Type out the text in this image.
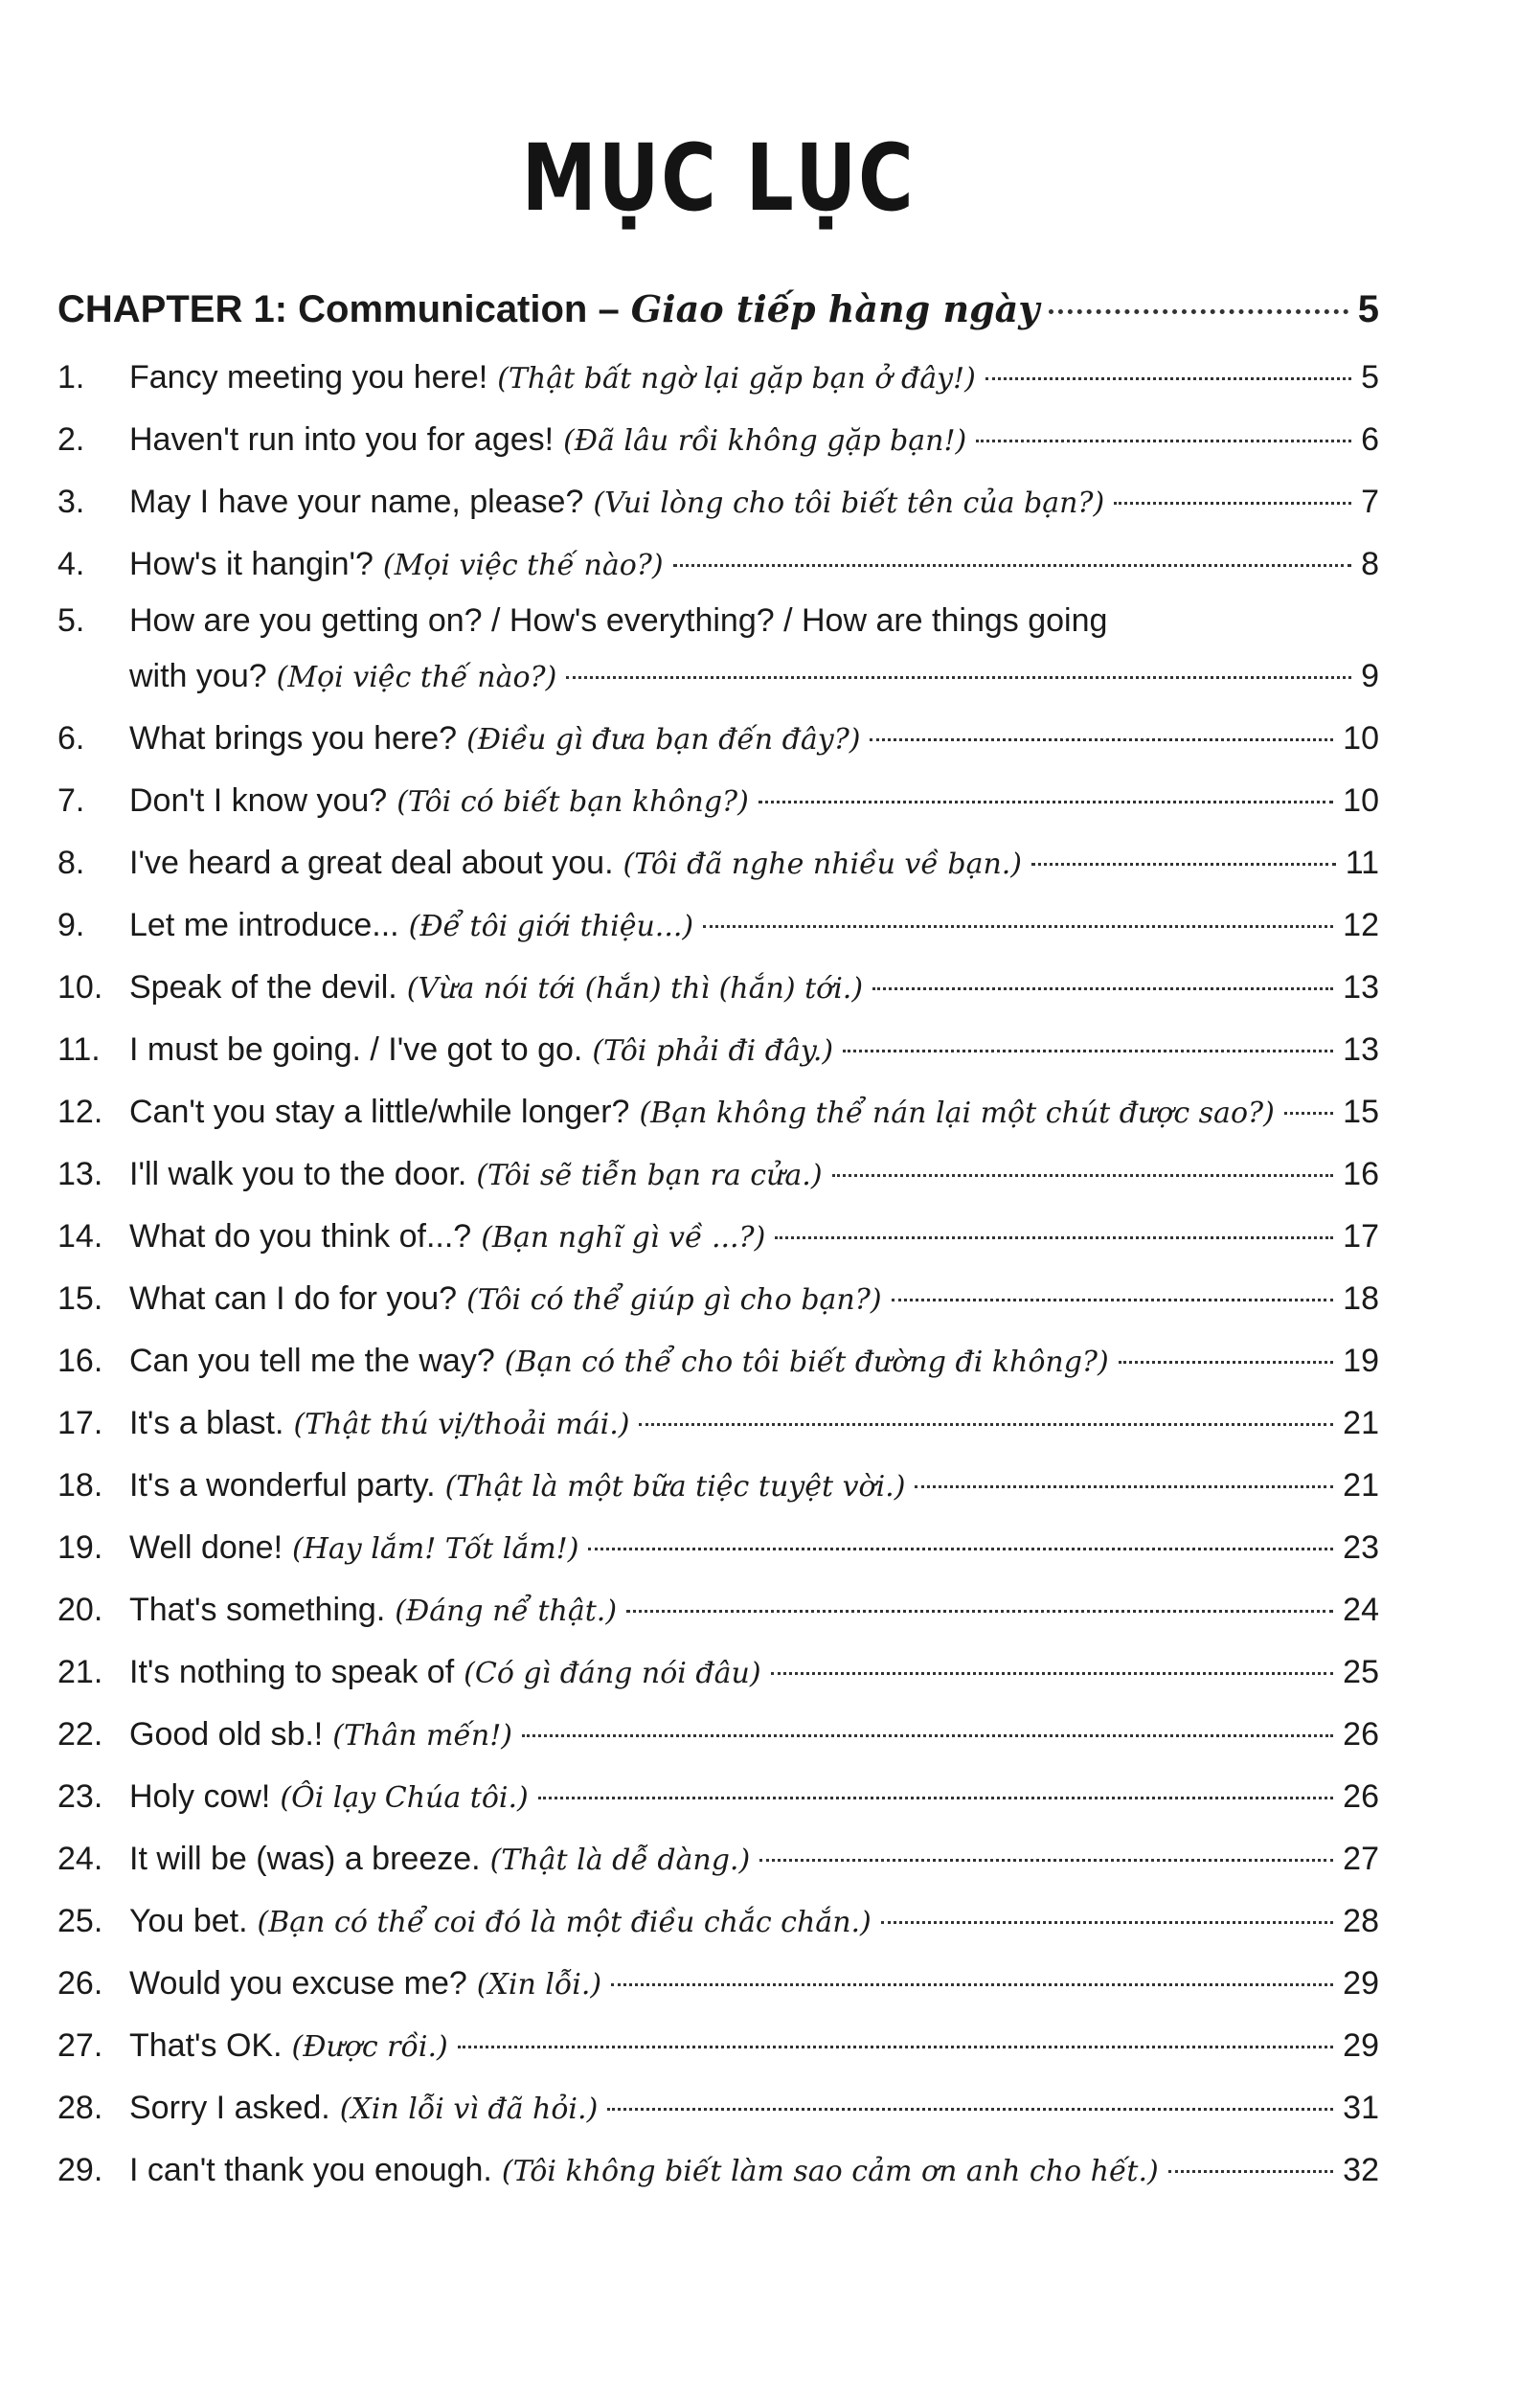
MỤC LỤC
CHAPTER 1: Communication – Giao tiếp hàng ngày	5
1.	Fancy meeting you here! (Thật bất ngờ lại gặp bạn ở đây!)	5
2.	Haven't run into you for ages! (Đã lâu rồi không gặp bạn!)	6
3.	May I have your name, please? (Vui lòng cho tôi biết tên của bạn?)	7
4.	How's it hangin'? (Mọi việc thế nào?)	8
5.	How are you getting on? / How's everything? / How are things going
with you? (Mọi việc thế nào?)	9
6.	What brings you here? (Điều gì đưa bạn đến đây?)	10
7.	Don't I know you? (Tôi có biết bạn không?)	10
8.	I've heard a great deal about you. (Tôi đã nghe nhiều về bạn.)	11
9.	Let me introduce... (Để tôi giới thiệu...)	12
10. Speak of the devil. (Vừa nói tới (hắn) thì (hắn) tới.)	13
11. I must be going. / I've got to go. (Tôi phải đi đây.)	13
12. Can't you stay a little/while longer? (Bạn không thể nán lại một chút được sao?) 15
13. I'll walk you to the door. (Tôi sẽ tiễn bạn ra cửa.)	16
14. What do you think of...? (Bạn nghĩ gì về ...?)	17
15. What can I do for you? (Tôi có thể giúp gì cho bạn?)	18
16. Can you tell me the way? (Bạn có thể cho tôi biết đường đi không?)	19
17. It's a blast. (Thật thú vị/thoải mái.)	21
18. It's a wonderful party. (Thật là một bữa tiệc tuyệt vời.)	21
19. Well done! (Hay lắm! Tốt lắm!)	23
20. That's something. (Đáng nể thật.)	24
21. It's nothing to speak of (Có gì đáng nói đâu)	25
22. Good old sb.! (Thân mến!)	26
23. Holy cow! (Ôi lạy Chúa tôi.)	26
24. It will be (was) a breeze. (Thật là dễ dàng.)	27
25. You bet. (Bạn có thể coi đó là một điều chắc chắn.)	28
26. Would you excuse me? (Xin lỗi.)	29
27. That's OK. (Được rồi.)	29
28. Sorry I asked. (Xin lỗi vì đã hỏi.)	31
29. I can't thank you enough. (Tôi không biết làm sao cảm ơn anh cho hết.)	32
